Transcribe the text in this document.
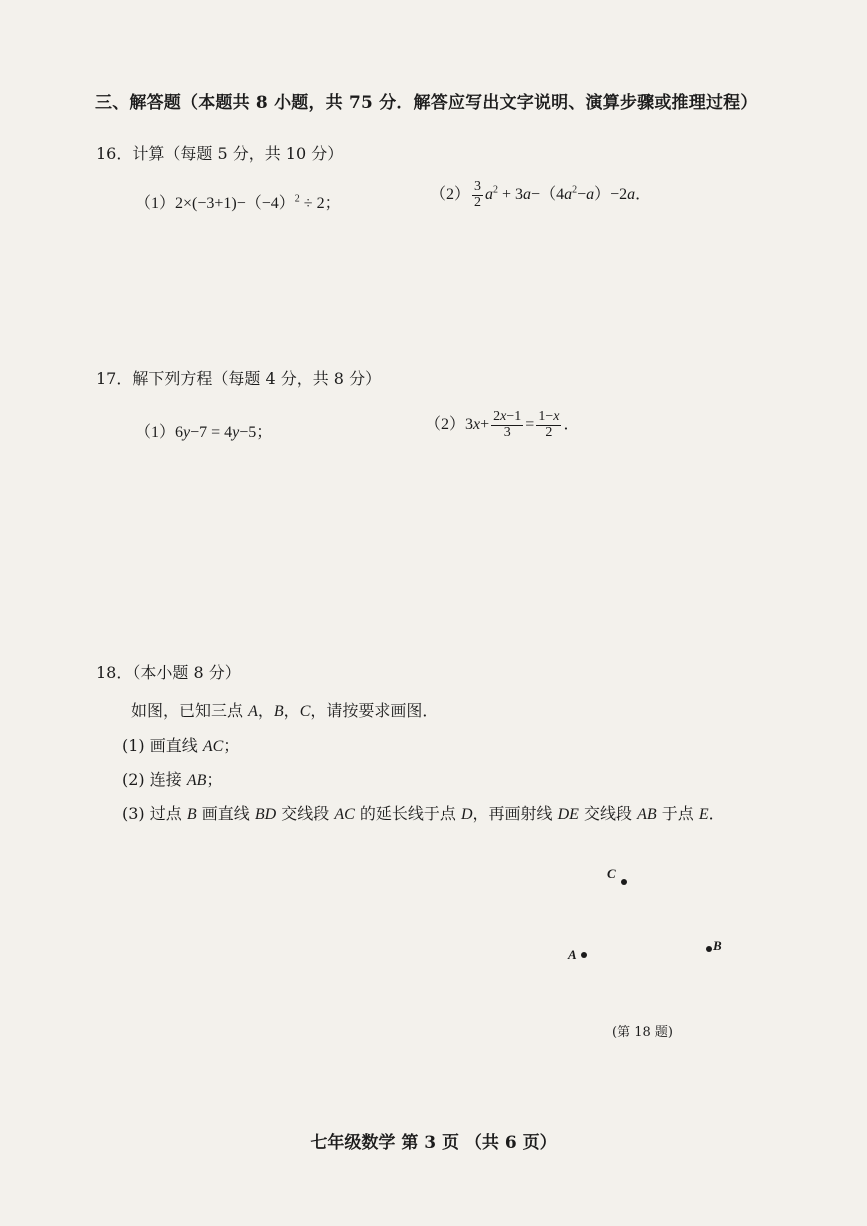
三、解答题（本题共 8 小题，共 75 分．解答应写出文字说明、演算步骤或推理过程）
16．计算（每题 5 分，共 10 分）
$(1)2\times(-3+1)-(-4)^2 \div 2$；
$(2) \frac{3}{2} a^2 + 3a-(4a^2-a)-2a$．
17．解下列方程（每题 4 分，共 8 分）
（1）6y−7 = 4y−5；	$(2)3x+ \frac{2x-1}{3} = \frac{1-x}{2}$ ．
18．（本小题 8 分）
如图，已知三点 A，B，C，请按要求画图．
(1) 画直线 AC；
(2) 连接 AB；
(3) 过点 B 画直线 BD 交线段 AC 的延长线于点 D，再画射线 DE 交线段 AB 于点 E．
C
A
B
(第 18 题)
七年级数学 第 3 页 （共 6 页）
